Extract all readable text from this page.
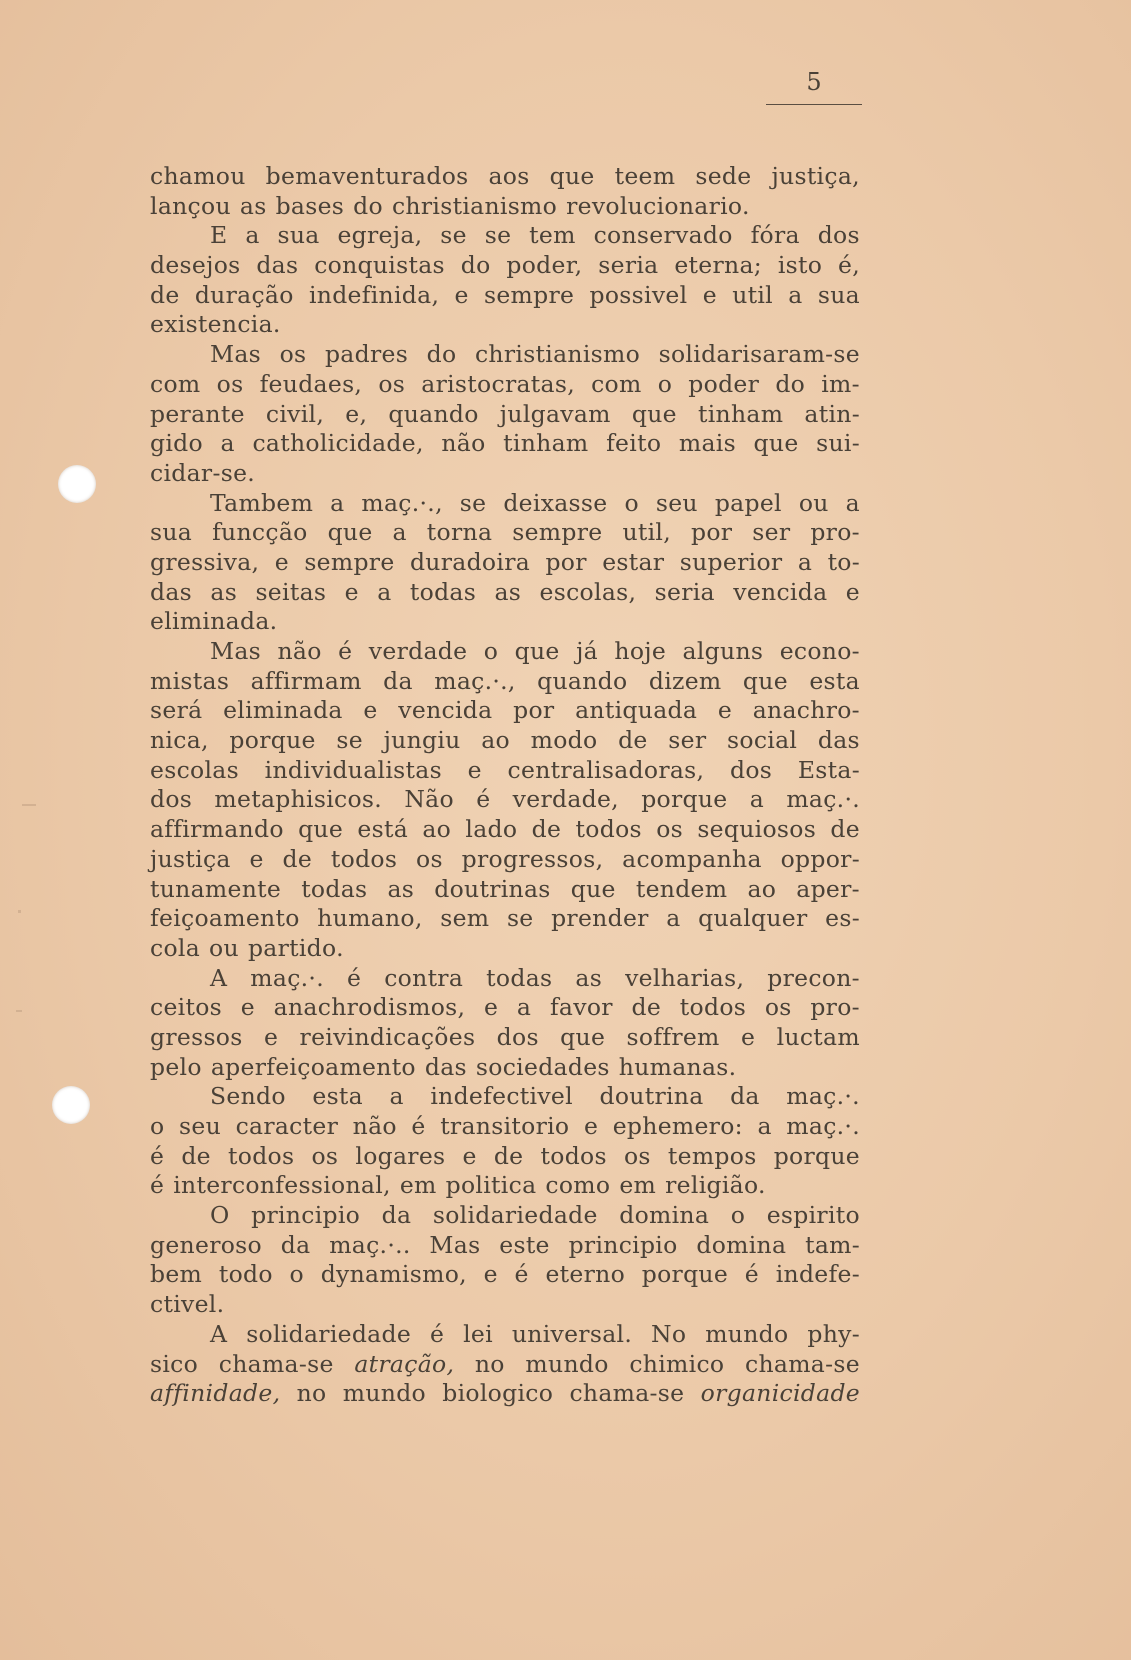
5
chamou bemaventurados aos que teem sede justiça,
lançou as bases do christianismo revolucionario.
E a sua egreja, se se tem conservado fóra dos
desejos das conquistas do poder, seria eterna; isto é,
de duração indefinida, e sempre possivel e util a sua
existencia.
Mas os padres do christianismo solidarisaram-se
com os feudaes, os aristocratas, com o poder do im-
perante civil, e, quando julgavam que tinham atin-
gido a catholicidade, não tinham feito mais que sui-
cidar-se.
Tambem a maç.·., se deixasse o seu papel ou a
sua funcção que a torna sempre util, por ser pro-
gressiva, e sempre duradoira por estar superior a to-
das as seitas e a todas as escolas, seria vencida e
eliminada.
Mas não é verdade o que já hoje alguns econo-
mistas affirmam da maç.·., quando dizem que esta
será eliminada e vencida por antiquada e anachro-
nica, porque se jungiu ao modo de ser social das
escolas individualistas e centralisadoras, dos Esta-
dos metaphisicos. Não é verdade, porque a maç.·.
affirmando que está ao lado de todos os sequiosos de
justiça e de todos os progressos, acompanha oppor-
tunamente todas as doutrinas que tendem ao aper-
feiçoamento humano, sem se prender a qualquer es-
cola ou partido.
A maç.·. é contra todas as velharias, precon-
ceitos e anachrodismos, e a favor de todos os pro-
gressos e reivindicações dos que soffrem e luctam
pelo aperfeiçoamento das sociedades humanas.
Sendo esta a indefectivel doutrina da maç.·.
o seu caracter não é transitorio e ephemero: a maç.·.
é de todos os logares e de todos os tempos porque
é interconfessional, em politica como em religião.
O principio da solidariedade domina o espirito
generoso da maç.·.. Mas este principio domina tam-
bem todo o dynamismo, e é eterno porque é indefe-
ctivel.
A solidariedade é lei universal. No mundo phy-
sico chama-se atração, no mundo chimico chama-se
affinidade, no mundo biologico chama-se organicidade
